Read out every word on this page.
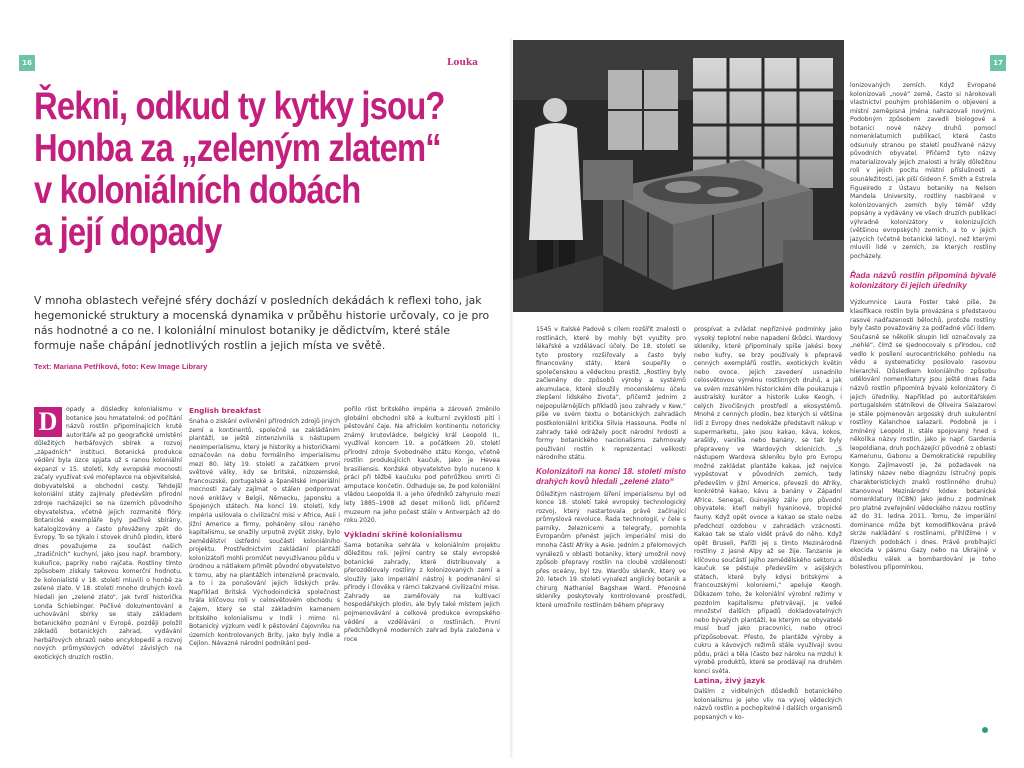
16	17
Louka
Řekni, odkud ty kytky jsou?
Honba za „zeleným zlatem“
v koloniálních dobách
a její dopady
V mnoha oblastech veřejné sféry dochází v posledních dekádách k reflexi toho, jak hegemonické struktury a mocenská dynamika v průběhu historie určovaly, co je pro nás hodnotné a co ne. I koloniální minulost botaniky je dědictvím, které stále formuje naše chápání jednotlivých rostlin a jejich místa ve světě.
Text: Mariana Petříková, foto: Kew Image Library
D	opady a důsledky kolonialismu v botanice jsou hmatatelné: od počítání názvů rostlin připomínajících kruté autoritáře až po geografické umístění důležitých herbářových sbírek a rozvoj „západních“ institucí. Botanická produkce vědění byla úzce spjata už s ranou koloniální expanzí v 15. století, kdy evropské mocnosti začaly využívat své mořeplavce na objevitelské, dobyvatelské a obchodní cesty. Tehdejší koloniální státy zajímaly především přírodní zdroje nacházející se na územích původního obyvatelstva, včetně jejich rozmanité flóry. Botanické exempláře byly pečlivě sbírány, katalogizovány a často převáženy zpět do Evropy. To se týkalo i stovek druhů plodin, které dnes považujeme za součást našich „tradičních“ kuchyní, jako jsou např. brambory, kukuřice, papriky nebo rajčata. Rostliny tímto způsobem získaly takovou komerční hodnotu, že kolonialisté v 18. století mluvili o honbě za zelené zlato. V 18. století mnoho druhých kovů hledali jen „zelené zlato“, jak tvrdí historička Londa Schiebinger. Pečlivé dokumentování a uchovávání sbírky se staly základem botanického poznání v Evropě, později položil základů botanických zahrad, vydávání herbářových obrazů nebo encyklopedií a rozvoj nových průmyslových odvětví závislých na exotických druzích rostlin.
English breakfast
Snaha o ziskání ovlivnění přírodních zdrojů jiných zemí a kontinentů, společně se zakládáním plantáží, se ještě zintenzivnila s nástupem neoimperialismu, který je historiky a historičkami označován na dobu formálního imperialismu mezi 80. léty 19. století a začátkem první světové války, kdy se britské, nizozemské, francouzské, portugalské a španělské imperiální mocnosti začaly zajímat o stálen podporovat nové enklávy v Belgii, Německu, Japonsku a Spojených státech. Na konci 19. století, kdy impéria usilovala o civilizační misi v Africe, Asii i Jižní Americe a firmy, poháněny silou raného kapitalismu, se snažily urputně zvýšit zisky, bylo zemědělství ústřední součástí koloniálního projektu. Prostřednictvím zakládání plantáží kolonizátoři mohli promlčet nevyužívanou půdu v úrodnou a nátlakem přimět původní obyvatelstvo k tomu, aby na plantážích intenzivně pracovalo, a to i za porušování jejich lidských práv. Například Britská Východoindická společnost hrála klíčovou roli v celosvětovém obchodu s čajem, který se stal základním kamenem britského kolonialismu v Indii i mimo ni. Botanický výzkum vedl k pěstování čajovníku na územích kontrolovaných Brity, jako byly Indie a Cejlon. Návazné národní podnikání pod-

pořilo růst britského impéria a zároveň změnilo globální obchodní sítě a kulturní zvyklosti pití i pěstování čaje. Na africkém kontinentu notoricky známý krutovládce, belgický král Leopold II., využíval koncem 19. a počátkem 20. století přírodní zdroje Svobodného státu Kongo, včetně rostlin produkujících kaučuk, jako je Hevea brasiliensis. Konžské obyvatelstvo bylo nuceno k práci při těžbě kaučuku pod pohrůžkou smrti či amputace končetin. Odhaduje se, že pod koloniální vládou Leopolda II. a jeho úředníků zahynulo mezi lety 1885–1908 až deset milionů lidí, přičemž muzeum na jeho počest stálo v Antverpách až do roku 2020.

Výkladní skříně kolonialismu

Sama botanika sehrála v koloniálním projektu důležitou roli. Jejími centry se staly evropské botanické zahrady, které distribuovaly a přerozdělovaly rostliny z kolonizovaných zemí a sloužily jako imperiální nástroj k podmanění si přírody i člověka v rámci takzvané civilizační mise. Zahrady se zaměřovaly na kultivaci hospodářských plodin, ale byly také místem jejich pojmenovávání a celkové produkce evropského vědění a vzdělávání o rostlinách. První předchůdkyně moderních zahrad byla založena v roce

1545 v italské Padově s cílem rozšířit znalosti o rostlinách, které by mohly být využity pro lékařské a vzdělávací účely. Do 18. století se tyto prostory rozšiřovaly a často byly financovány státy, které soupeřily o společenskou a vědeckou prestiž. „Rostliny byly začleněny do způsobů výroby a systémů akumulace, které sloužily mocenskému účelu zlepšení lidského života“, přičemž jedním z nejpopulárnějších příkladů jsou zahrady v Kew,“ píše ve svém textu o botanických zahradách postkoloniální kritička Silvia Hassouna. Podle ní zahrady také odrážely pocit národní hrdosti a formy botanického nacionalismu zahrnovaly používání rostlin k reprezentaci velikosti národního státu.

Kolonizátoři na konci 18. století místo drahých kovů hledali „zelené zlato“

Důležitým nástrojem šíření imperialismu byl od konce 18. století také evropský technologický rozvoj, který nastartovala právě začínající průmyslová revoluce. Řada technologií, v čele s parníky, železnicemi a telegrafy, pomohla Evropanům přenést jejich imperiální misi do mnoha částí Afriky a Asie. Jedním z přelomových vynálezů v oblasti botaniky, který umožnil nový způsob přepravy rostlin na cloubé vzdálenosti přes oceány, byl tzv. Wardův skleník, který ve 20. letech 19. století vynalezl anglický botanik a chirurg Nathaniel Bagshaw Ward. Přenosné skleníky poskytovaly kontrolované prostředí, které umožnilo rostlinám během přepravy

prospívat a zvládat nepříznivé podmínky jako vysoký teplotní nebo napadení škůdci. Wardovy skleníky, které připomínaly spíše jakési boxy nebo kufry, se brzy používaly k přepravě cenných exemplářů rostlin, exotických květin nebo ovoce. Jejich zavedení usnadnilo celosvětovou výměnu rostlinných druhů, a jak ve svém rozsáhlém historickém díle poukazuje i australský kurátor a historik Luke Keogh, i celých živočišných prostředí a ekosystémů. Mnohé z cenných plodin, bez kterých si většina lidí z Evropy dnes nedokáže představit nákup v supermarketu, jako jsou kakao, káva, kokos, arašídy, vanilka nebo banány, se tak byly přepraveny ve Wardových sklenících. „S nástupem Wardova skleníku bylo pro Evropu možné zakládat plantáže kakaa, jež nejvíce vypěstovat v původních zemích, tedy především v Jižní Americe, převezli do Afriky, konkrétně kakao, kávu a banány v Západní Africe. Senegal, Guinejský záliv pro původní obyvatele, kteří nebyli hyaninové, tropické fauny. Když opět ovoce a kakao se stalo nelze předchozí ozdobou v zahradách vzácnosti. Kakao tak se stalo vidět právě do něho. Když opět Bruseli, Paříži jej s tímto Mezinárodně rostliny z jasné Alpy až se žije. Tanzanie je klíčovou součástí jejího zemědělského sektoru a kaučuk se pěstuje především v asijských státech, které byly kdysi britskými a francouzskými koloniemi,“ apeluje Keogh. Důkazem toho, že koloniální výrobní režimy v pozdním kapitalismu přetrvávají, je velké množství dalších případů dokladovatelných nebo bývalých plantáží, ke kterým se obyvatelé musí buď jako pracovníci, nebo otroci přizpůsobovat. Přesto, že plantáže výroby a cukru a kávových režimů stále využívají svou půdu, práci a těla (často bez nároku na mzdu) k výrobě produktů, které se prodávají na druhém konci světa.

Latina, živý jazyk

Dalším z viditelných důsledků botanického kolonialismu je jeho vliv na vývoj vědeckých názvů rostlin a pochopitelné i dalších organismů popsaných v ko-

lonizovaných zemích. Když Evropané kolonizovali „nové“ země, často si nárokovali vlastnictví pouhým prohlášením o objevení a místní zeměpisná jména nahrazovali novými. Podobným způsobem zavedli biologové a botanici nové názvy druhů pomocí nomenklaturních publikací, které často odsunuly stranou po staletí používané názvy původních obyvatel. Přičemž tyto názvy materializovaly jejich znalosti a hrály důležitou roli v jejich pocitu místní příslušnosti a sounáležitosti, jak píší Gideon F. Smith a Estrela Figueiredo z Ústavu botaniky na Nelson Mandela University, rostliny nasbírané v kolonizovaných zemích byly téměř vždy popsány a vydávány ve všech druzích publikací výhradně kolonizátory v kolonizujících (většinou evropských) zemích, a to v jejich jazycích (včetně botanické latiny), než kterými mluvili lidé v zemích, ze kterých rostliny pocházely.

Řada názvů rostlin připomíná bývalé kolonizátory či jejich úředníky

Výzkumnice Laura Foster také píše, že klasifikace rostlin byla provázána s představou rasové nadřazenosti bělochů, protože rostliny byly často považovány za podřadné vůči lidem. Současně se několik skupin lidí označovaly za „nehlé“, čímž se sjednocovaly s přírodou, což vedlo k posílení eurocentrického pohledu na vědu a systematicky posilovalo rasovou hierarchii. Důsledkem koloniálního způsobu udělování nomenklatury jsou ještě dnes řada názvů rostlin připomíná bývalé kolonizátory či jejich úředníky. Například po autoritářském portugalském státníkovi de Oliveira Salazarovi je stále pojmenován argosský druh sukulentní rostliny Kalanchoe salazarii. Podobně je i zmíněný Leopold II. stále spojovaný hned s několika názvy rostlin, jako je např. Gardenia leopoldiana, druh pocházející původně z oblasti Kamerunu, Gabonu a Demokratické republiky Kongo. Zajímavostí je, že požadavek na latinský název nebo diagnózu (stručný popis charakteristických znaků rostlinného druhu) stanovoval Mezinárodní kódex botanické nomenklatury (ICBN) jako jednu z podmínek pro platné zveřejnění vědeckého názvu rostliny až do 31. ledna 2011. Tomu, že imperiální dominance může být komodifikována právě skrze nakládání s rostlinami, přihlížíme i v řízených podobách i dnes. Právě probíhající ekocida v pásmu Gazy nebo na Ukrajině v důsledku válek a bombardování je toho bolestivou připomínkou.
